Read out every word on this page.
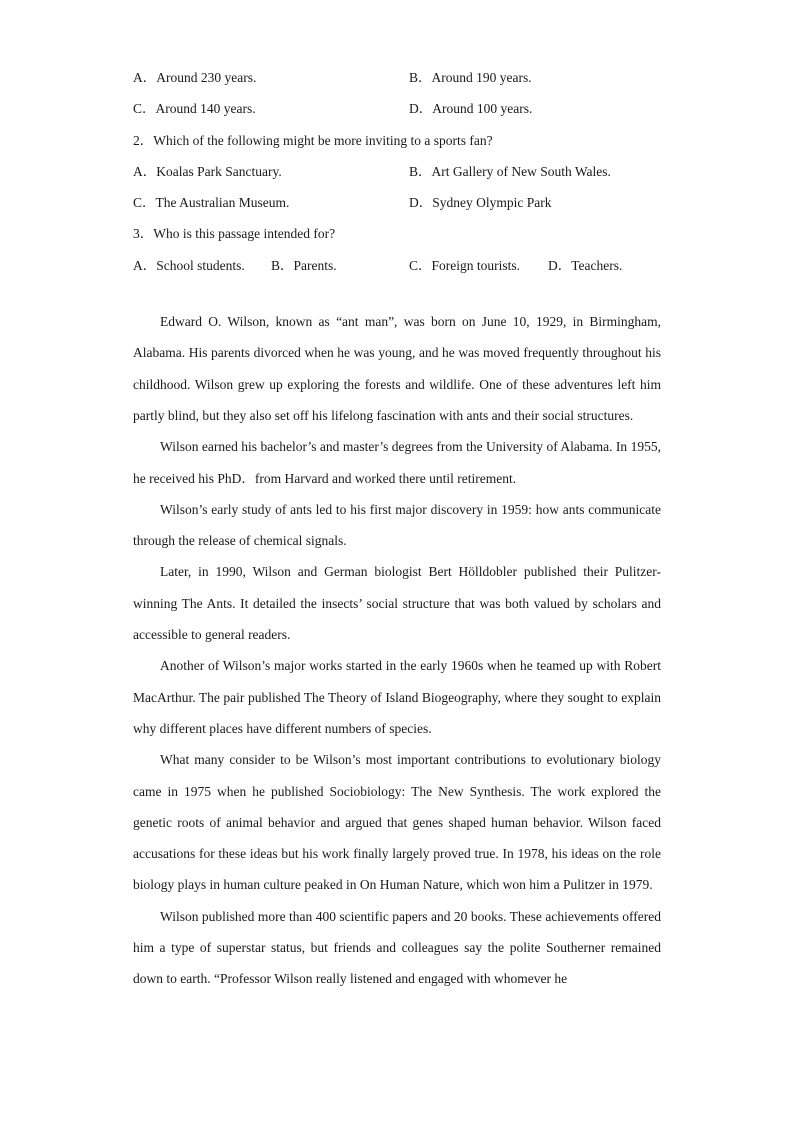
A．Around 230 years.	B．Around 190 years.
C．Around 140 years.	D．Around 100 years.
2．Which of the following might be more inviting to a sports fan?
A．Koalas Park Sanctuary.	B．Art Gallery of New South Wales.
C．The Australian Museum.	D．Sydney Olympic Park
3．Who is this passage intended for?
A．School students. B．Parents.	C．Foreign tourists. D．Teachers.

Edward O. Wilson, known as “ant man”, was born on June 10, 1929, in Birmingham, Alabama. His parents divorced when he was young, and he was moved frequently throughout his childhood. Wilson grew up exploring the forests and wildlife. One of these adventures left him partly blind, but they also set off his lifelong fascination with ants and their social structures.

Wilson earned his bachelor’s and master’s degrees from the University of Alabama. In 1955, he received his PhD．from Harvard and worked there until retirement.

Wilson’s early study of ants led to his first major discovery in 1959: how ants communicate through the release of chemical signals.

Later, in 1990, Wilson and German biologist Bert Hölldobler published their Pulitzer-winning The Ants. It detailed the insects’ social structure that was both valued by scholars and accessible to general readers.

Another of Wilson’s major works started in the early 1960s when he teamed up with Robert MacArthur. The pair published The Theory of Island Biogeography, where they sought to explain why different places have different numbers of species.

What many consider to be Wilson’s most important contributions to evolutionary biology came in 1975 when he published Sociobiology: The New Synthesis. The work explored the genetic roots of animal behavior and argued that genes shaped human behavior. Wilson faced accusations for these ideas but his work finally largely proved true. In 1978, his ideas on the role biology plays in human culture peaked in On Human Nature, which won him a Pulitzer in 1979.

Wilson published more than 400 scientific papers and 20 books. These achievements offered him a type of superstar status, but friends and colleagues say the polite Southerner remained down to earth. “Professor Wilson really listened and engaged with whomever he
